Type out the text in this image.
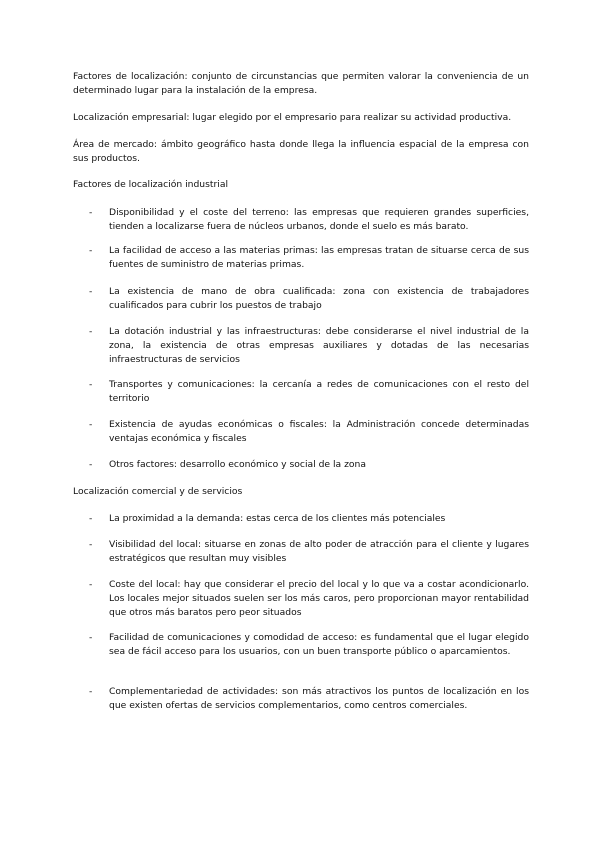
Factores de localización: conjunto de circunstancias que permiten valorar la conveniencia de un determinado lugar para la instalación de la empresa.

Localización empresarial: lugar elegido por el empresario para realizar su actividad productiva.

Área de mercado: ámbito geográfico hasta donde llega la influencia espacial de la empresa con sus productos.

Factores de localización industrial
-	Disponibilidad y el coste del terreno: las empresas que requieren grandes superficies, tienden a localizarse fuera de núcleos urbanos, donde el suelo es más barato.
-	La facilidad de acceso a las materias primas: las empresas tratan de situarse cerca de sus fuentes de suministro de materias primas.
-	La existencia de mano de obra cualificada: zona con existencia de trabajadores cualificados para cubrir los puestos de trabajo
-	La dotación industrial y las infraestructuras: debe considerarse el nivel industrial de la zona, la existencia de otras empresas auxiliares y dotadas de las necesarias infraestructuras de servicios
-	Transportes y comunicaciones: la cercanía a redes de comunicaciones con el resto del territorio
-	Existencia de ayudas económicas o fiscales: la Administración concede determinadas ventajas económica y fiscales
-	Otros factores: desarrollo económico y social de la zona
Localización comercial y de servicios
-	La proximidad a la demanda: estas cerca de los clientes más potenciales
-	Visibilidad del local: situarse en zonas de alto poder de atracción para el cliente y lugares estratégicos que resultan muy visibles
-	Coste del local: hay que considerar el precio del local y lo que va a costar acondicionarlo. Los locales mejor situados suelen ser los más caros, pero proporcionan mayor rentabilidad que otros más baratos pero peor situados
-	Facilidad de comunicaciones y comodidad de acceso: es fundamental que el lugar elegido sea de fácil acceso para los usuarios, con un buen transporte público o aparcamientos.
-	Complementariedad de actividades: son más atractivos los puntos de localización en los que existen ofertas de servicios complementarios, como centros comerciales.
